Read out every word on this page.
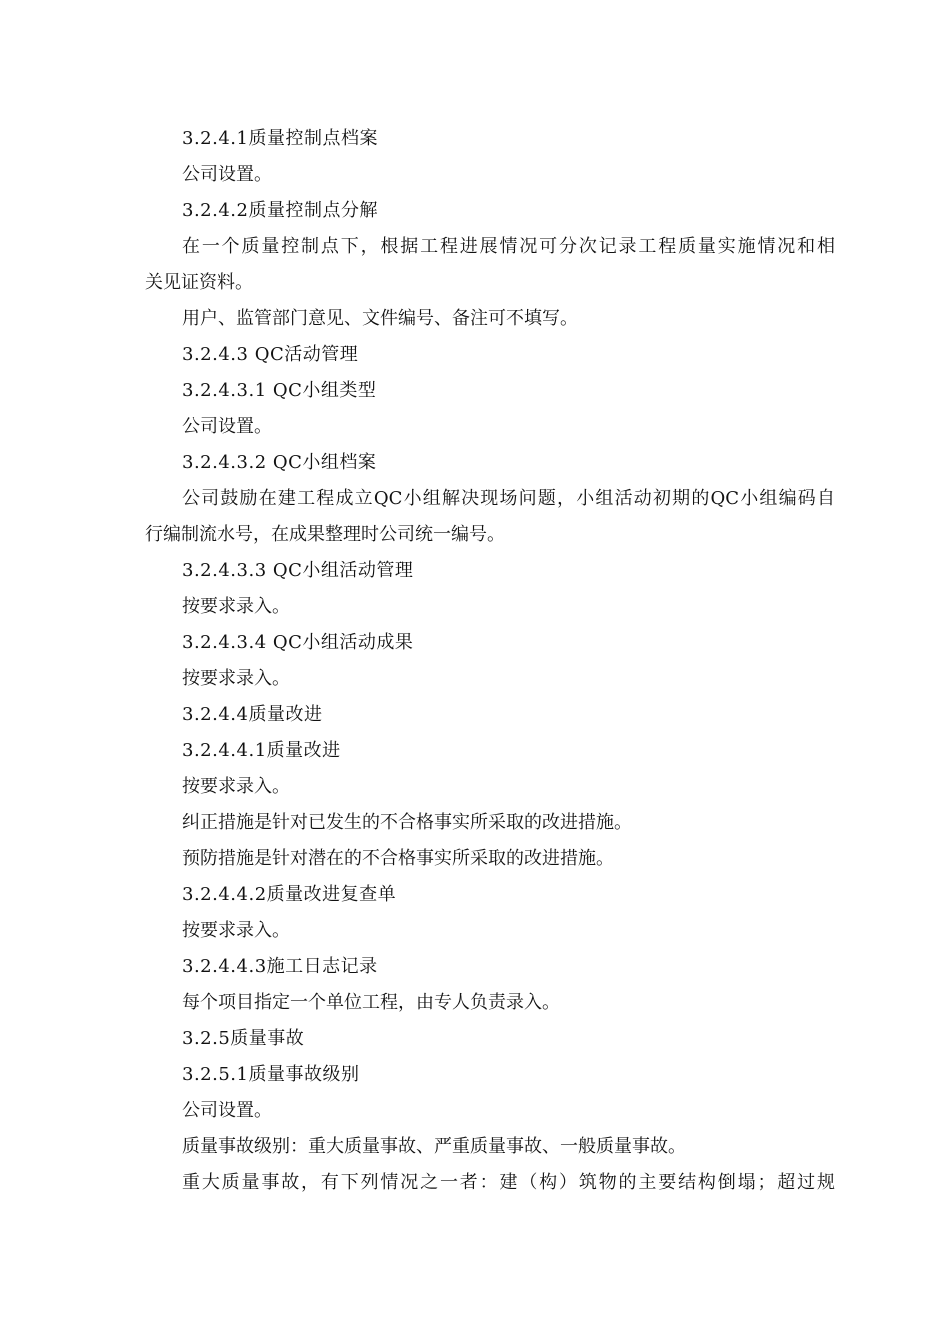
3.2.4.1质量控制点档案
公司设置。
3.2.4.2质量控制点分解
在一个质量控制点下，根据工程进展情况可分次记录工程质量实施情况和相
关见证资料。
用户、监管部门意见、文件编号、备注可不填写。
3.2.4.3 QC活动管理
3.2.4.3.1 QC小组类型
公司设置。
3.2.4.3.2 QC小组档案
公司鼓励在建工程成立QC小组解决现场问题，小组活动初期的QC小组编码自
行编制流水号，在成果整理时公司统一编号。
3.2.4.3.3 QC小组活动管理
按要求录入。
3.2.4.3.4 QC小组活动成果
按要求录入。
3.2.4.4质量改进
3.2.4.4.1质量改进
按要求录入。
纠正措施是针对已发生的不合格事实所采取的改进措施。
预防措施是针对潜在的不合格事实所采取的改进措施。
3.2.4.4.2质量改进复查单
按要求录入。
3.2.4.4.3施工日志记录
每个项目指定一个单位工程，由专人负责录入。
3.2.5质量事故
3.2.5.1质量事故级别
公司设置。
质量事故级别：重大质量事故、严重质量事故、一般质量事故。
重大质量事故，有下列情况之一者：建（构）筑物的主要结构倒塌；超过规
